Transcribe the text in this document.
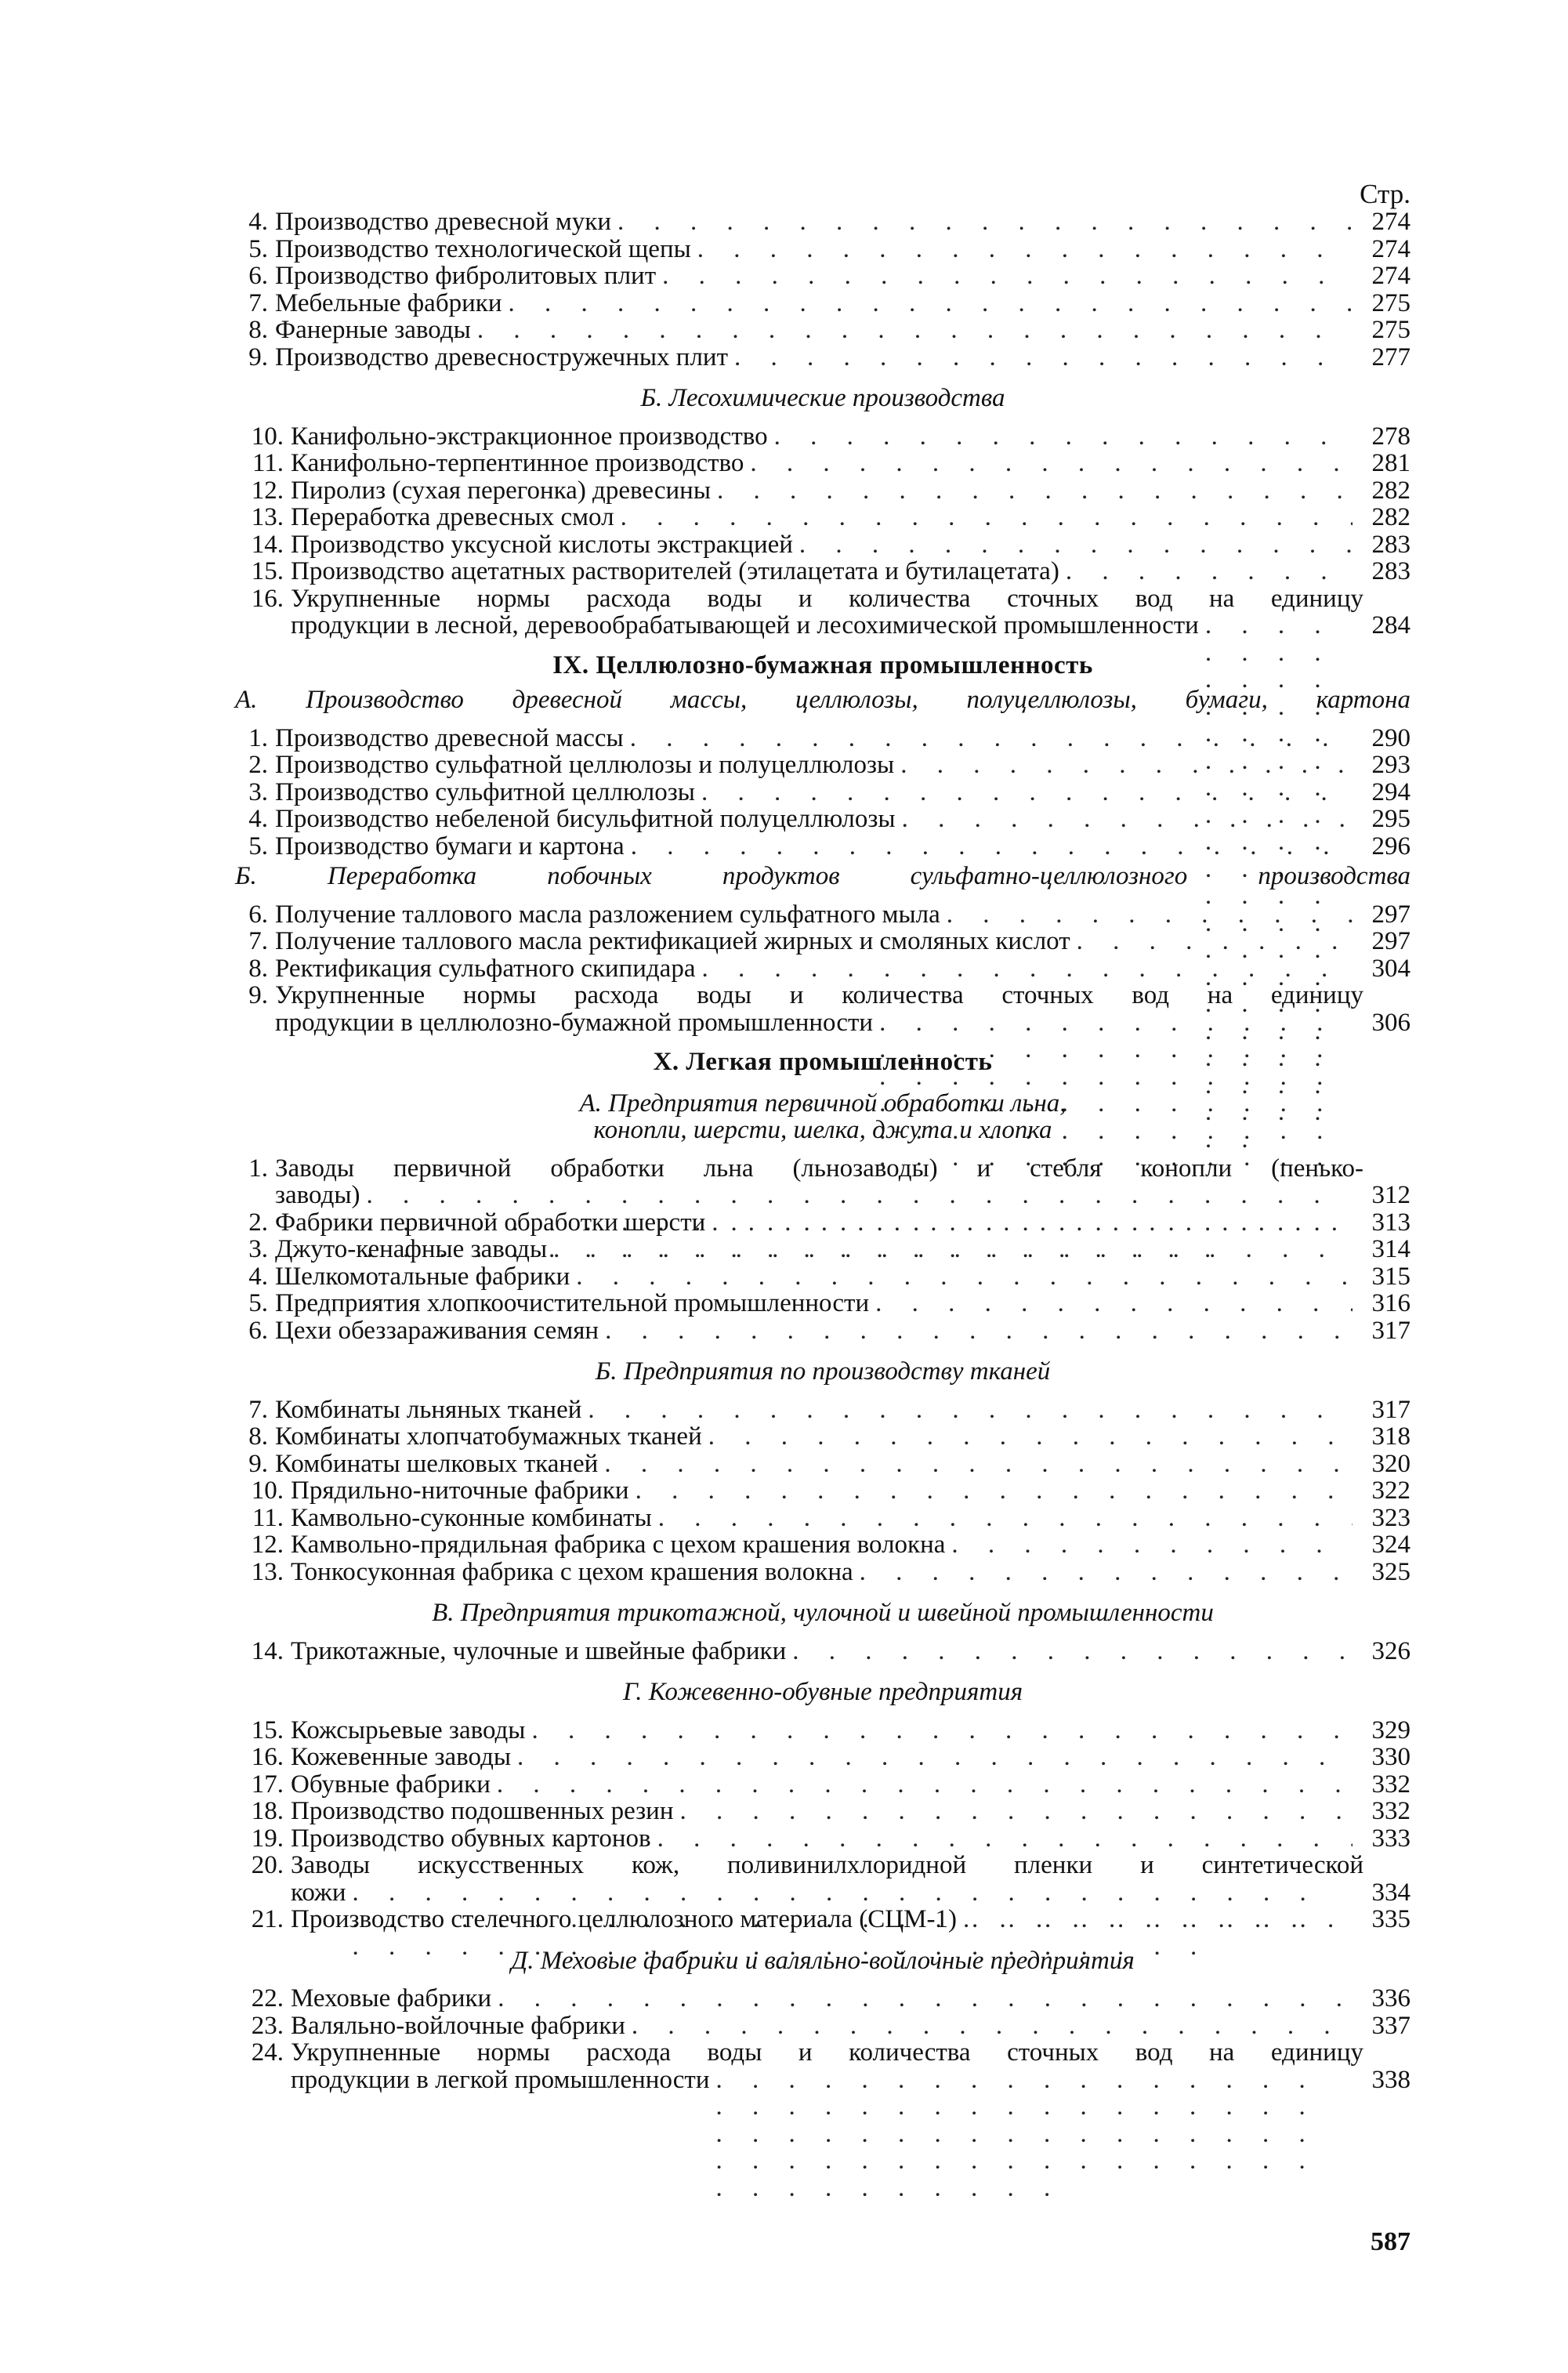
Стр.
4. Производство древесной муки . . .	274
5. Производство технологической щепы . . .	274
6. Производство фибролитовых плит . . .	274
7. Мебельные фабрики . . .	275
8. Фанерные заводы . . .	275
9. Производство древесностружечных плит . . .	277
Б. Лесохимические производства
10. Канифольно-экстракционное производство . . .	278
11. Канифольно-терпентинное производство . . .	281
12. Пиролиз (сухая перегонка) древесины . . .	282
13. Переработка древесных смол . . .	282
14. Производство уксусной кислоты экстракцией . . .	283
15. Производство ацетатных растворителей (этилацетата и бутилацетата) . . .	283
16. Укрупненные нормы расхода воды и количества сточных вод на единицу
продукции в лесной, деревообрабатывающей и лесохимической промышленности . . .	284
IX. Целлюлозно-бумажная промышленность
А. Производство древесной массы, целлюлозы, полуцеллюлозы, бумаги, картона
1. Производство древесной массы . . .	290
2. Производство сульфатной целлюлозы и полуцеллюлозы . . .	293
3. Производство сульфитной целлюлозы . . .	294
4. Производство небеленой бисульфитной полуцеллюлозы . . .	295
5. Производство бумаги и картона . . .	296
Б. Переработка побочных продуктов сульфатно-целлюлозного производства
6. Получение таллового масла разложением сульфатного мыла . . .	297
7. Получение таллового масла ректификацией жирных и смоляных кислот . . .	297
8. Ректификация сульфатного скипидара . . .	304
9. Укрупненные нормы расхода воды и количества сточных вод на единицу
продукции в целлюлозно-бумажной промышленности . . .	306
X. Легкая промышленность
А. Предприятия первичной обработки льна,
конопли, шерсти, шелка, джута и хлопка
1. Заводы первичной обработки льна (льнозаводы) и стебля конопли (пенько-
заводы) . . .	312
2. Фабрики первичной обработки шерсти . . .	313
3. Джуто-кенафные заводы . . .	314
4. Шелкомотальные фабрики . . .	315
5. Предприятия хлопкоочистительной промышленности . . .	316
6. Цехи обеззараживания семян . . .	317
Б. Предприятия по производству тканей
7. Комбинаты льняных тканей . . .	317
8. Комбинаты хлопчатобумажных тканей . . .	318
9. Комбинаты шелковых тканей . . .	320
10. Прядильно-ниточные фабрики . . .	322
11. Камвольно-суконные комбинаты . . .	323
12. Камвольно-прядильная фабрика с цехом крашения волокна . . .	324
13. Тонкосуконная фабрика с цехом крашения волокна . . .	325
В. Предприятия трикотажной, чулочной и швейной промышленности
14. Трикотажные, чулочные и швейные фабрики . . .	326
Г. Кожевенно-обувные предприятия
15. Кожсырьевые заводы . . .	329
16. Кожевенные заводы . . .	330
17. Обувные фабрики . . .	332
18. Производство подошвенных резин . . .	332
19. Производство обувных картонов . . .	333
20. Заводы искусственных кож, поливинилхлоридной пленки и синтетической
кожи . . .	334
21. Производство стелечного целлюлозного материала (СЦМ-1) . . .	335
Д. Меховые фабрики и валяльно-войлочные предприятия
22. Меховые фабрики . . .	336
23. Валяльно-войлочные фабрики . . .	337
24. Укрупненные нормы расхода воды и количества сточных вод на единицу
продукции в легкой промышленности . . .	338
587
